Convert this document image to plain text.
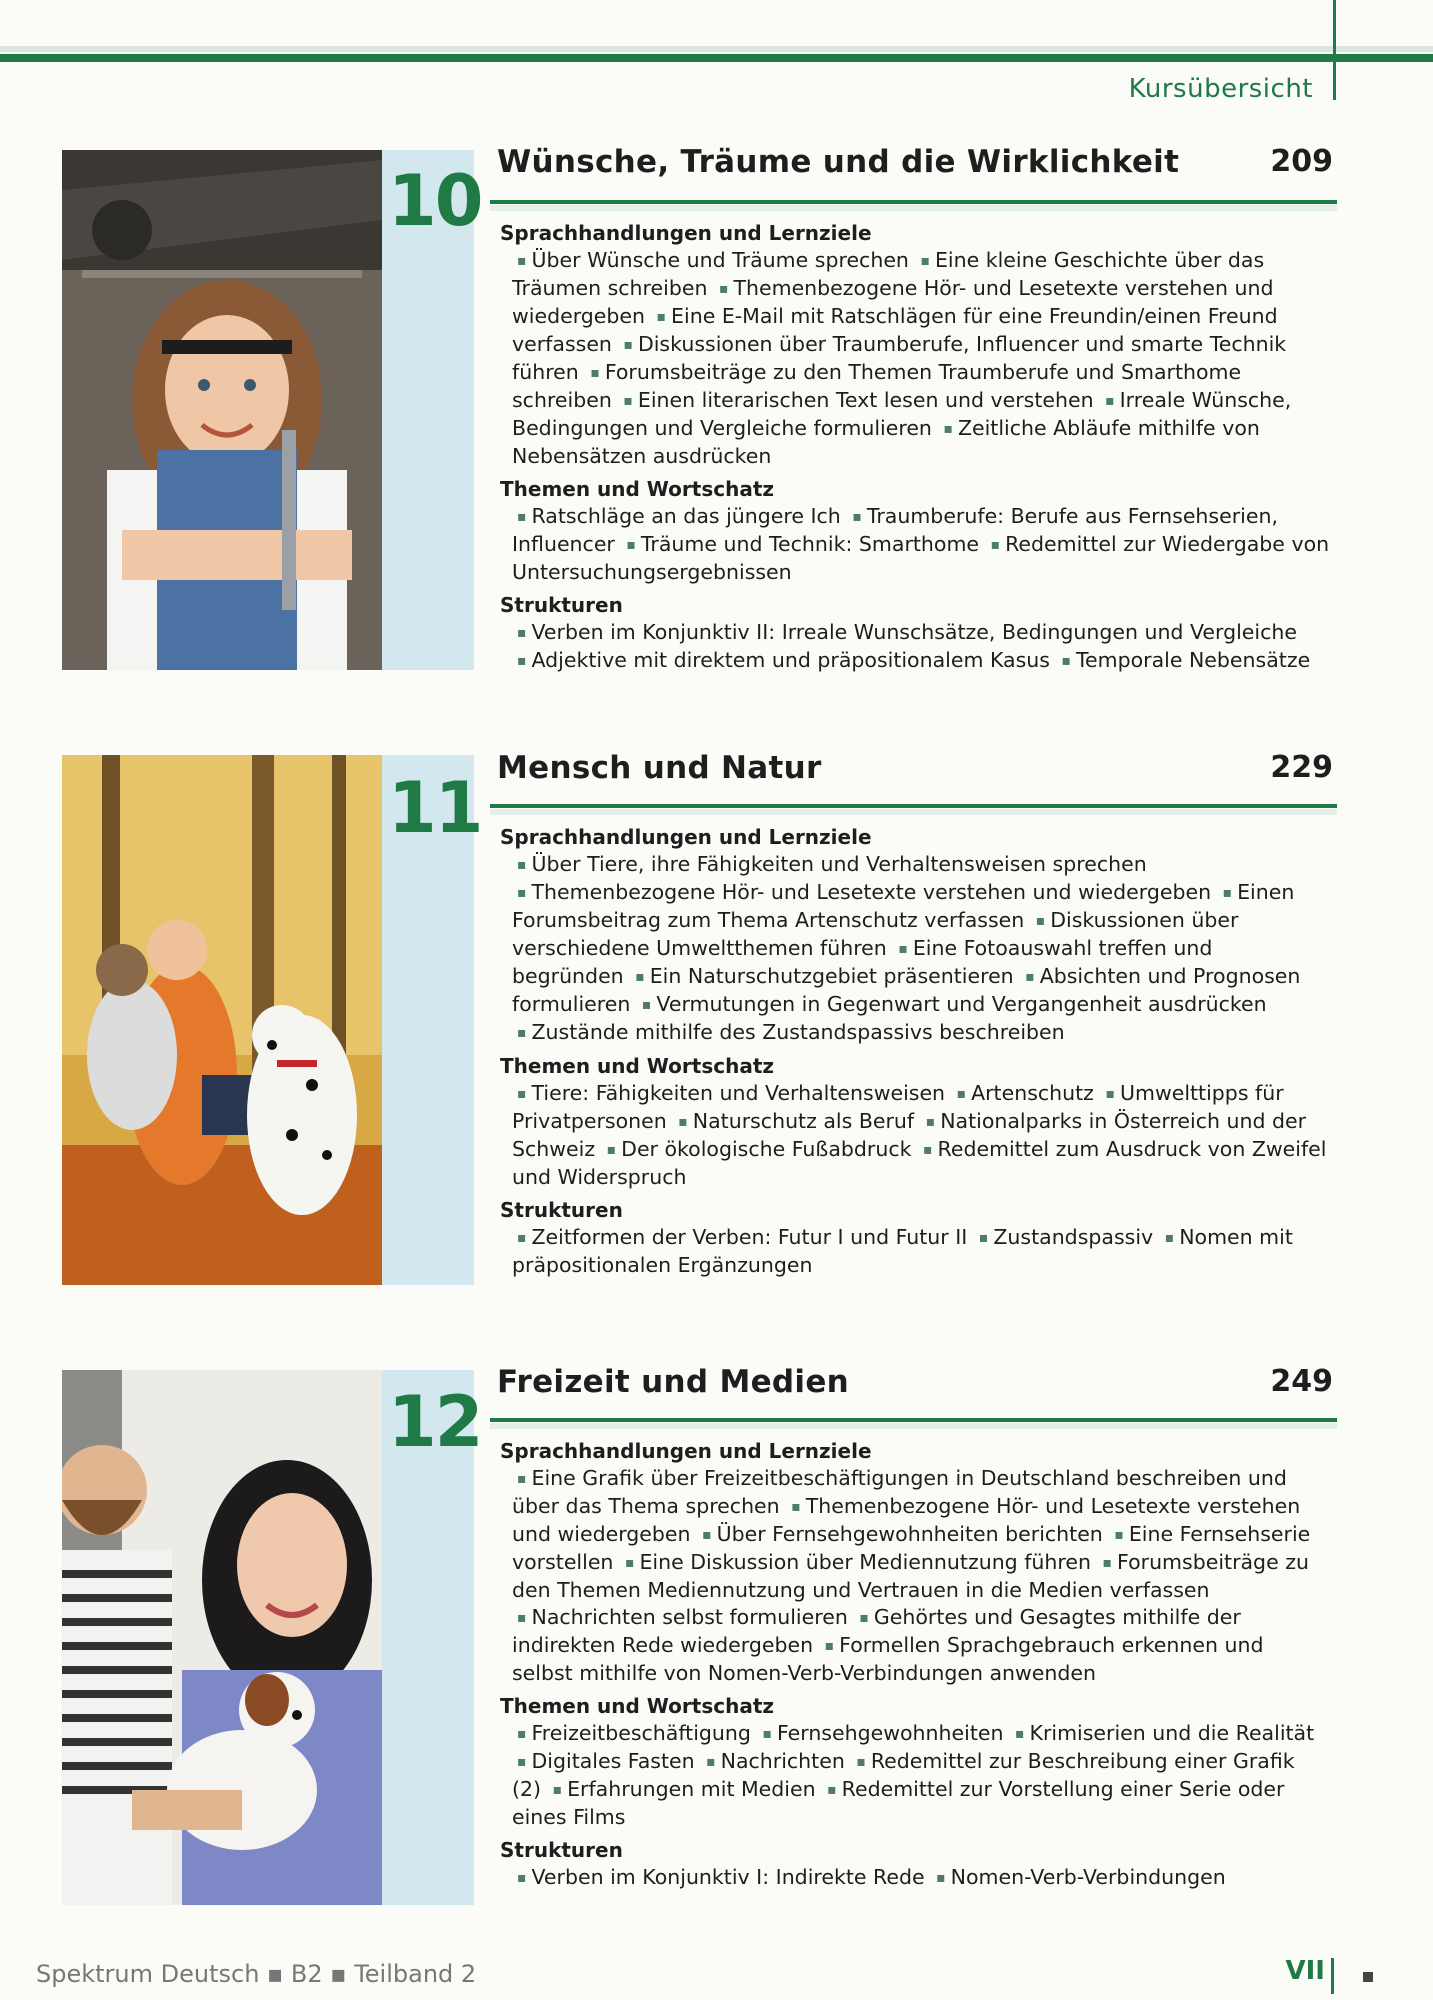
Kursübersicht
10 Wünsche, Träume und die Wirklichkeit	209

Sprachhandlungen und Lernziele

▪ Über Wünsche und Träume sprechen ▪ Eine kleine Geschichte über das Träumen schreiben ▪ Themenbezogene Hör- und Lesetexte verstehen und wiedergeben ▪ Eine E-Mail mit Ratschlägen für eine Freundin/einen Freund verfassen ▪ Diskussionen über Traumberufe, Influencer und smarte Technik führen ▪ Forumsbeiträge zu den Themen Traumberufe und Smarthome schreiben ▪ Einen literarischen Text lesen und verstehen ▪ Irreale Wünsche, Bedingungen und Vergleiche formulieren ▪ Zeitliche Abläufe mithilfe von Nebensätzen ausdrücken

Themen und Wortschatz

▪ Ratschläge an das jüngere Ich ▪ Traumberufe: Berufe aus Fernsehserien, Influencer ▪ Träume und Technik: Smarthome ▪ Redemittel zur Wiedergabe von Untersuchungsergebnissen

Strukturen

▪ Verben im Konjunktiv II: Irreale Wunschsätze, Bedingungen und Vergleiche ▪ Adjektive mit direktem und präpositionalem Kasus ▪ Temporale Nebensätze

11 Mensch und Natur	229

Sprachhandlungen und Lernziele

▪ Über Tiere, ihre Fähigkeiten und Verhaltensweisen sprechen ▪ Themenbezogene Hör- und Lesetexte verstehen und wiedergeben ▪ Einen Forumsbeitrag zum Thema Artenschutz verfassen ▪ Diskussionen über verschiedene Umweltthemen führen ▪ Eine Fotoauswahl treffen und begründen ▪ Ein Naturschutzgebiet präsentieren ▪ Absichten und Prognosen formulieren ▪ Vermutungen in Gegenwart und Vergangenheit ausdrücken ▪ Zustände mithilfe des Zustandspassivs beschreiben

Themen und Wortschatz

▪ Tiere: Fähigkeiten und Verhaltensweisen ▪ Artenschutz ▪ Umwelttipps für Privatpersonen ▪ Naturschutz als Beruf ▪ Nationalparks in Österreich und der Schweiz ▪ Der ökologische Fußabdruck ▪ Redemittel zum Ausdruck von Zweifel und Widerspruch

Strukturen

▪ Zeitformen der Verben: Futur I und Futur II ▪ Zustandspassiv ▪ Nomen mit präpositionalen Ergänzungen

12 Freizeit und Medien	249

Sprachhandlungen und Lernziele

▪ Eine Grafik über Freizeitbeschäftigungen in Deutschland beschreiben und über das Thema sprechen ▪ Themenbezogene Hör- und Lesetexte verstehen und wiedergeben ▪ Über Fernsehgewohnheiten berichten ▪ Eine Fernsehserie vorstellen ▪ Eine Diskussion über Mediennutzung führen ▪ Forumsbeiträge zu den Themen Mediennutzung und Vertrauen in die Medien verfassen ▪ Nachrichten selbst formulieren ▪ Gehörtes und Gesagtes mithilfe der indirekten Rede wiedergeben ▪ Formellen Sprachgebrauch erkennen und selbst mithilfe von Nomen-Verb-Verbindungen anwenden

Themen und Wortschatz

▪ Freizeitbeschäftigung ▪ Fernsehgewohnheiten ▪ Krimiserien und die Realität ▪ Digitales Fasten ▪ Nachrichten ▪ Redemittel zur Beschreibung einer Grafik (2) ▪ Erfahrungen mit Medien ▪ Redemittel zur Vorstellung einer Serie oder eines Films

Strukturen

▪ Verben im Konjunktiv I: Indirekte Rede ▪ Nomen-Verb-Verbindungen

Spektrum Deutsch ▪ B2 ▪ Teilband 2	VII
